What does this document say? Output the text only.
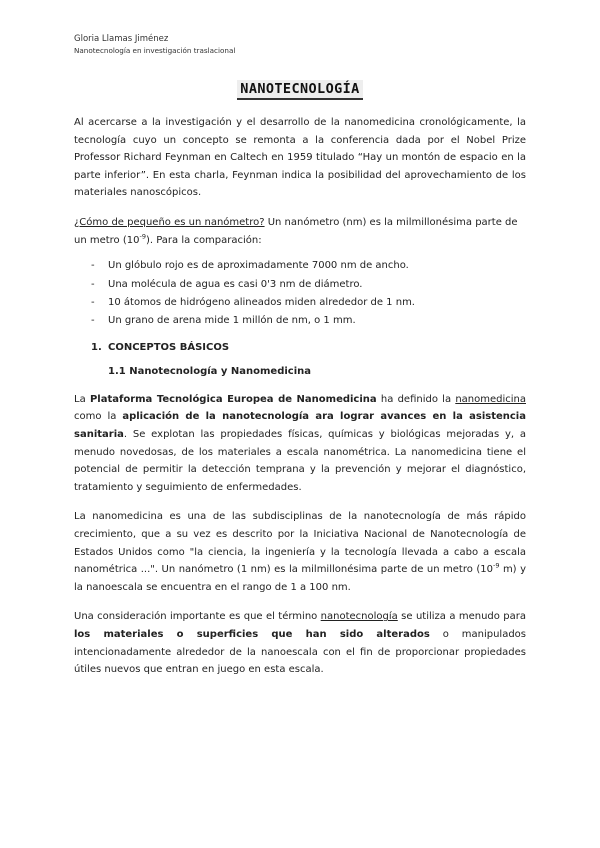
Gloria Llamas Jiménez
Nanotecnología en investigación traslacional
NANOTECNOLOGÍA

Al acercarse a la investigación y el desarrollo de la nanomedicina cronológicamente, la tecnología cuyo un concepto se remonta a la conferencia dada por el Nobel Prize Professor Richard Feynman en Caltech en 1959 titulado “Hay un montón de espacio en la parte inferior”. En esta charla, Feynman indica la posibilidad del aprovechamiento de los materiales nanoscópicos.

¿Cómo de pequeño es un nanómetro? Un nanómetro (nm) es la milmillonésima parte de un metro $(10^{-9})$. Para la comparación:

- Un glóbulo rojo es de aproximadamente 7000 nm de ancho.
- Una molécula de agua es casi 0'3 nm de diámetro.
- 10 átomos de hidrógeno alineados miden alrededor de 1 nm.
- Un grano de arena mide 1 millón de nm, o 1 mm.
1. CONCEPTOS BÁSICOS
1.1 Nanotecnología y Nanomedicina

La Plataforma Tecnológica Europea de Nanomedicina ha definido la nanomedicina como la aplicación de la nanotecnología ara lograr avances en la asistencia sanitaria. Se explotan las propiedades físicas, químicas y biológicas mejoradas y, a menudo novedosas, de los materiales a escala nanométrica. La nanomedicina tiene el potencial de permitir la detección temprana y la prevención y mejorar el diagnóstico, tratamiento y seguimiento de enfermedades.

La nanomedicina es una de las subdisciplinas de la nanotecnología de más rápido crecimiento, que a su vez es descrito por la Iniciativa Nacional de Nanotecnología de Estados Unidos como "la ciencia, la ingeniería y la tecnología llevada a cabo a escala nanométrica ...". Un nanómetro (1 nm) es la milmillonésima parte de un metro ($10^{-9}$ m) y la nanoescala se encuentra en el rango de 1 a 100 nm.

Una consideración importante es que el término nanotecnología se utiliza a menudo para los materiales o superficies que han sido alterados o manipulados intencionadamente alrededor de la nanoescala con el fin de proporcionar propiedades útiles nuevos que entran en juego en esta escala.
